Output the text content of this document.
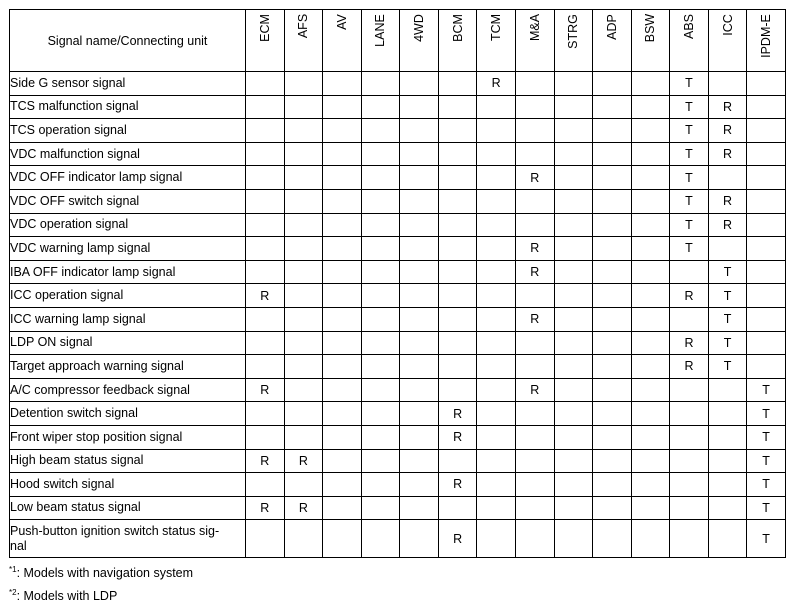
Signal name/Connecting unit	ECM	AFS	AV	LANE	4WD	BCM	TCM	M&A	STRG	ADP	BSW	ABS	ICC	IPDM-E

Side G sensor signal							R					T		
TCS malfunction signal												T	R	
TCS operation signal												T	R	
VDC malfunction signal												T	R	
VDC OFF indicator lamp signal								R				T		
VDC OFF switch signal												T	R	
VDC operation signal												T	R	
VDC warning lamp signal								R				T		
IBA OFF indicator lamp signal								R					T	
ICC operation signal	R											R	T	
ICC warning lamp signal								R					T	
LDP ON signal												R	T	
Target approach warning signal												R	T	
A/C compressor feedback signal	R							R						T
Detention switch signal						R								T
Front wiper stop position signal						R								T
High beam status signal	R	R												T
Hood switch signal						R								T
Low beam status signal	R	R												T
Push-button ignition switch status sig-
nal						R								T
$^{*1}$: Models with navigation system
$^{*2}$: Models with LDP
